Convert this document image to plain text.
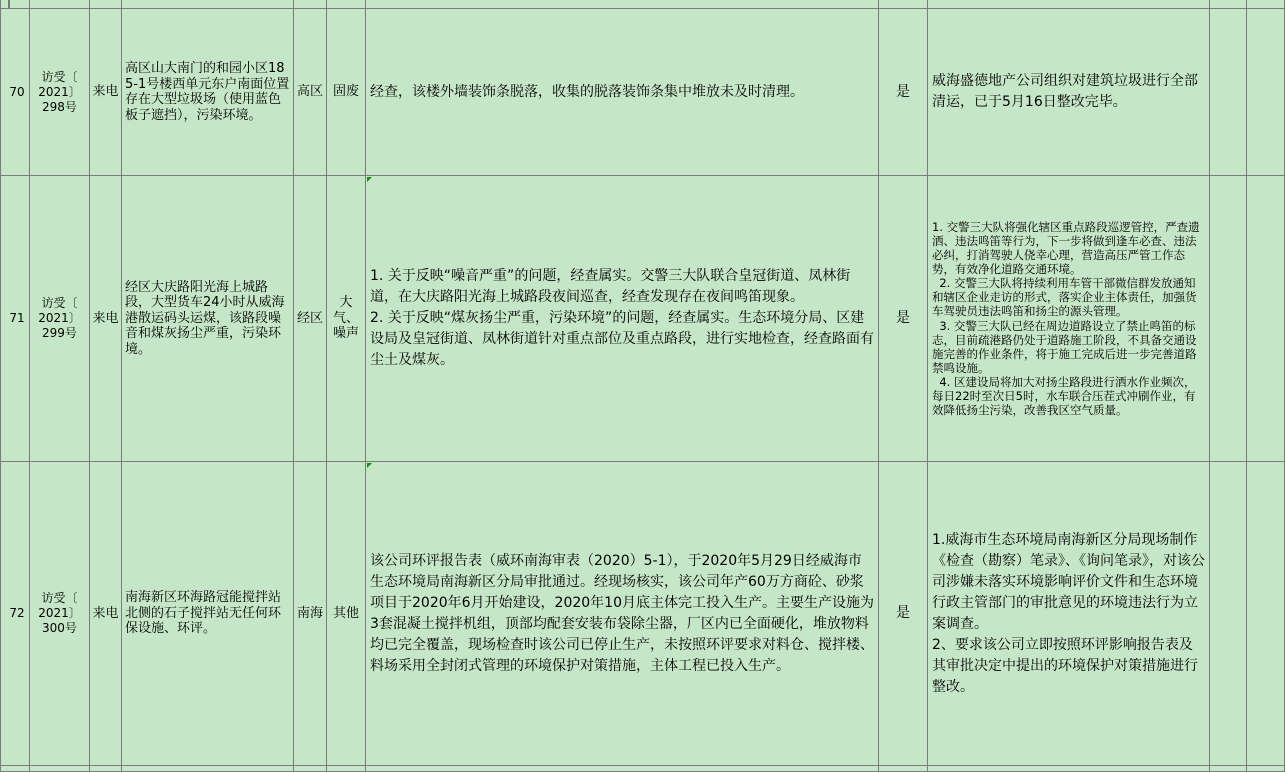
70
访受〔
2021〕
298号
来电
高区山大南门的和园小区185-1号楼西单元东户南面位置存在大型垃圾场（使用蓝色板子遮挡），污染环境。
高区 固废 经查，该楼外墙装饰条脱落，收集的脱落装饰条集中堆放未及时清理。	是
威海盛德地产公司组织对建筑垃圾进行全部清运，已于5月16日整改完毕。
71
访受〔
2021〕
299号
来电
经区大庆路阳光海上城路段，大型货车24小时从威海港散运码头运煤，该路段噪音和煤灰扬尘严重，污染环境。
经区
大气、噪声
1. 关于反映“噪音严重”的问题，经查属实。交警三大队联合皇冠街道、凤林街道，在大庆路阳光海上城路段夜间巡查，经查发现存在夜间鸣笛现象。
2. 关于反映“煤灰扬尘严重，污染环境”的问题，经查属实。生态环境分局、区建设局及皇冠街道、凤林街道针对重点部位及重点路段，进行实地检查，经查路面有尘土及煤灰。
是
1. 交警三大队将强化辖区重点路段巡逻管控，严查遗洒、违法鸣笛等行为，下一步将做到逢车必查、违法必纠，打消驾驶人侥幸心理，营造高压严管工作态势，有效净化道路交通环境。
2. 交警三大队将持续利用车管干部微信群发放通知和辖区企业走访的形式，落实企业主体责任，加强货车驾驶员违法鸣笛和扬尘的源头管理。
3. 交警三大队已经在周边道路设立了禁止鸣笛的标志，目前疏港路仍处于道路施工阶段，不具备交通设施完善的作业条件，将于施工完成后进一步完善道路禁鸣设施。
4. 区建设局将加大对扬尘路段进行洒水作业频次，每日22时至次日5时，水车联合压茬式冲刷作业，有效降低扬尘污染，改善我区空气质量。
72
访受〔
2021〕
300号
来电
南海新区环海路冠能搅拌站北侧的石子搅拌站无任何环保设施、环评。
南海 其他
该公司环评报告表（威环南海审表（2020）5-1），于2020年5月29日经威海市生态环境局南海新区分局审批通过。经现场核实，该公司年产60万方商砼、砂浆项目于2020年6月开始建设，2020年10月底主体完工投入生产。主要生产设施为3套混凝土搅拌机组，顶部均配套安装布袋除尘器，厂区内已全面硬化，堆放物料均已完全覆盖，现场检查时该公司已停止生产，未按照环评要求对料仓、搅拌楼、料场采用全封闭式管理的环境保护对策措施，主体工程已投入生产。
是
1.威海市生态环境局南海新区分局现场制作《检查（勘察）笔录》、《询问笔录》，对该公司涉嫌未落实环境影响评价文件和生态环境行政主管部门的审批意见的环境违法行为立案调查。
2、要求该公司立即按照环评影响报告表及其审批决定中提出的环境保护对策措施进行整改。
